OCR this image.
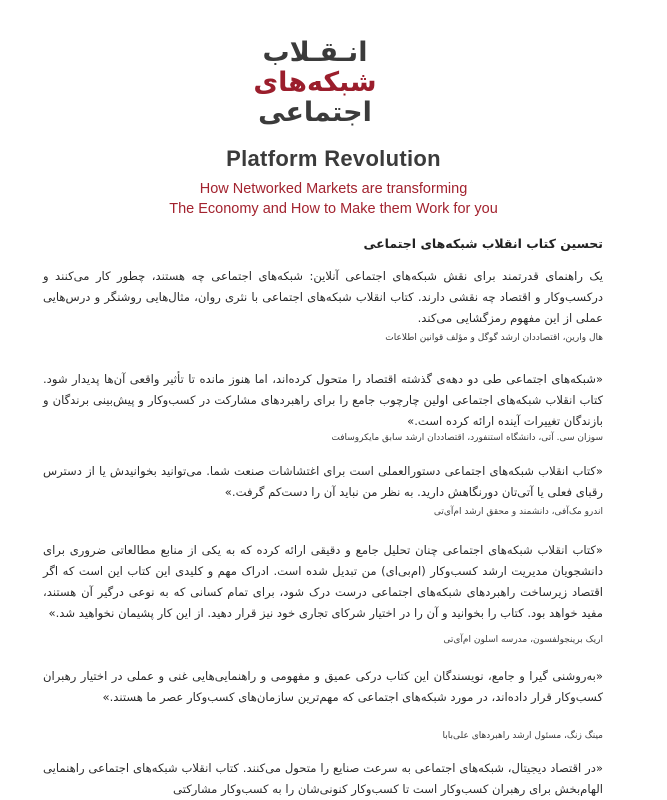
انـقـلاب
شبکه‌های
اجتماعی
Platform Revolution
How Networked Markets are transforming
The Economy and How to Make them Work for you
تحسین کتاب انقلاب شبکه‌های اجتماعی
یک راهنمای قدرتمند برای نقش شبکه‌های اجتماعی آنلاین: شبکه‌های اجتماعی چه هستند، چطور کار می‌کنند و درکسب‌وکار و اقتصاد چه نقشی دارند. کتاب انقلاب شبکه‌های اجتماعی با نثری روان، مثال‌هایی روشنگر و درس‌هایی عملی از این مفهوم رمزگشایی می‌کند.
هال وارین، اقتصاددان ارشد گوگل و مؤلف قوانین اطلاعات
«شبکه‌های اجتماعی طی دو دهه‌ی گذشته اقتصاد را متحول کرده‌اند، اما هنوز مانده تا تأثیر واقعی آن‌ها پدیدار شود. کتاب انقلاب شبکه‌های اجتماعی اولین چارچوب جامع را برای راهبردهای مشارکت در کسب‌وکار و پیش‌بینی برندگان و بازندگان تغییرات آینده ارائه کرده است.»
سوزان سی. آتی، دانشگاه استنفورد، اقتصاددان ارشد سابق مایکروسافت
«کتاب انقلاب شبکه‌های اجتماعی دستورالعملی است برای اغتشاشات صنعت شما. می‌توانید بخوانیدش یا از دسترس رقبای فعلی یا آتی‌تان دورنگاهش دارید. به نظر من نباید آن را دست‌کم گرفت.»
اندرو مک‌آفی، دانشمند و محقق ارشد ام‌آی‌تی
«کتاب انقلاب شبکه‌های اجتماعی چنان تحلیل جامع و دقیقی ارائه کرده که به یکی از منابع مطالعاتی ضروری برای دانشجویان مدیریت ارشد کسب‌وکار (ام‌بی‌ای) من تبدیل شده است. ادراک مهم و کلیدی این کتاب این است که اگر اقتصاد زیرساخت راهبردهای شبکه‌های اجتماعی درست درک شود، برای تمام کسانی که به نوعی درگیر آن هستند، مفید خواهد بود. کتاب را بخوانید و آن را در اختیار شرکای تجاری خود نیز قرار دهید. از این کار پشیمان نخواهید شد.»
اریک برینجولفسون، مدرسه اسلون ام‌آی‌تی
«به‌روشنی گیرا و جامع، نویسندگان این کتاب درکی عمیق و مفهومی و راهنمایی‌هایی غنی و عملی در اختیار رهبران کسب‌وکار قرار داده‌اند، در مورد شبکه‌های اجتماعی که مهم‌ترین سازمان‌های کسب‌وکار عصر ما هستند.»
مینگ زنگ، مسئول ارشد راهبردهای علی‌بابا
«در اقتصاد دیجیتال، شبکه‌های اجتماعی به سرعت صنایع را متحول می‌کنند. کتاب انقلاب شبکه‌های اجتماعی راهنمایی الهام‌بخش برای رهبران کسب‌وکار است تا کسب‌وکار کنونی‌شان را به کسب‌وکار مشارکتی
